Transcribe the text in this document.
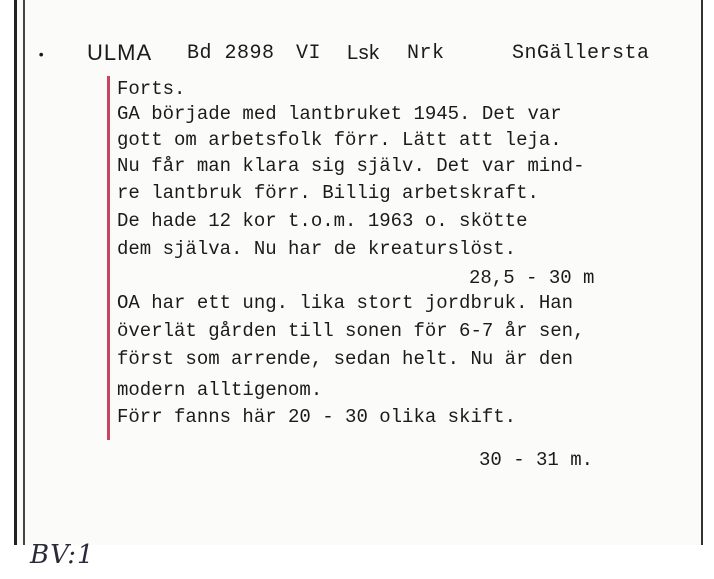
• ULMA Bd 2898 VI Lsk Nrk	SnGällersta
Forts.
GA började med lantbruket 1945. Det var
gott om arbetsfolk förr. Lätt att leja.
Nu får man klara sig själv. Det var mind-
re lantbruk förr. Billig arbetskraft.
De hade 12 kor t.o.m. 1963 o. skötte
dem själva. Nu har de kreaturslöst.
28,5 - 30 m
OA har ett ung. lika stort jordbruk. Han
överlät gården till sonen för 6-7 år sen,
först som arrende, sedan helt. Nu är den
modern alltigenom.
Förr fanns här 20 - 30 olika skift.
30 - 31 m.
BV:1
